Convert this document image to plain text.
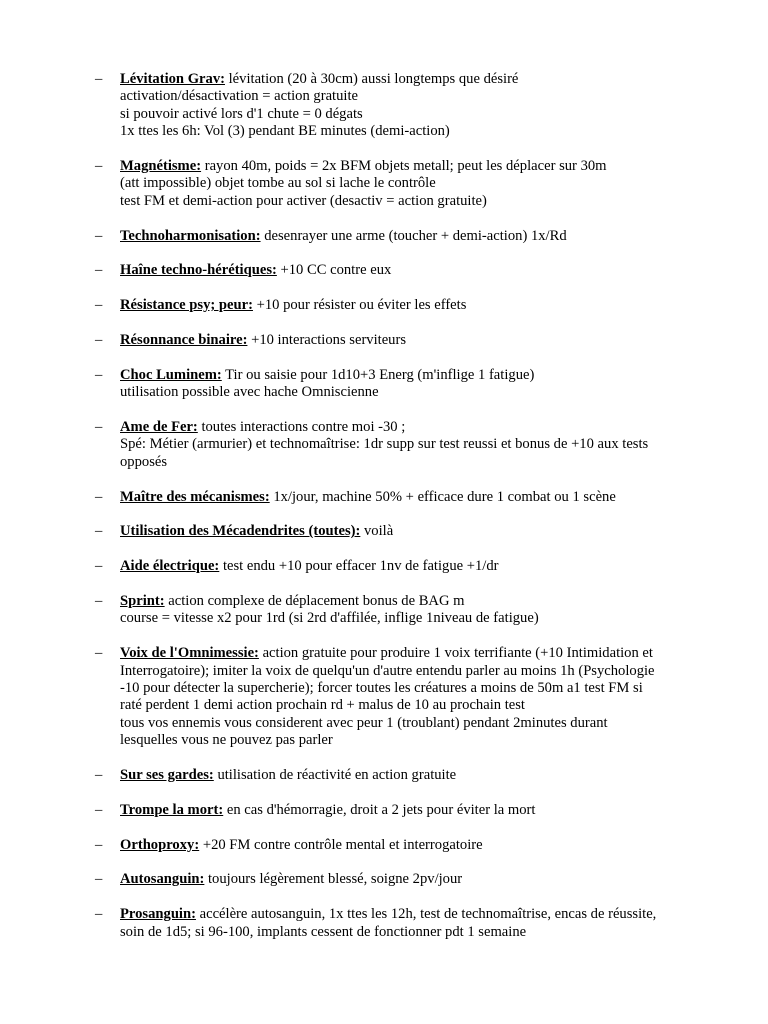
– Lévitation Grav: lévitation (20 à 30cm) aussi longtemps que désiré
activation/désactivation = action gratuite
si pouvoir activé lors d'1 chute = 0 dégats
1x ttes les 6h: Vol (3) pendant BE minutes (demi-action)
– Magnétisme: rayon 40m, poids = 2x BFM objets metall; peut les déplacer sur 30m
(att impossible) objet tombe au sol si lache le contrôle
test FM et demi-action pour activer (desactiv = action gratuite)
– Technoharmonisation: desenrayer une arme (toucher + demi-action) 1x/Rd
– Haîne techno-hérétiques: +10 CC contre eux
– Résistance psy; peur: +10 pour résister ou éviter les effets
– Résonnance binaire: +10 interactions serviteurs
– Choc Luminem: Tir ou saisie pour 1d10+3 Energ (m'inflige 1 fatigue)
utilisation possible avec hache Omniscienne
– Ame de Fer: toutes interactions contre moi -30 ;
Spé: Métier (armurier) et technomaîtrise: 1dr supp sur test reussi et bonus de +10 aux tests
opposés
– Maître des mécanismes: 1x/jour, machine 50% + efficace dure 1 combat ou 1 scène
– Utilisation des Mécadendrites (toutes): voilà
– Aide électrique: test endu +10 pour effacer 1nv de fatigue +1/dr
– Sprint: action complexe de déplacement bonus de BAG m
course = vitesse x2 pour 1rd (si 2rd d'affilée, inflige 1niveau de fatigue)
– Voix de l'Omnimessie: action gratuite pour produire 1 voix terrifiante (+10 Intimidation et
Interrogatoire); imiter la voix de quelqu'un d'autre entendu parler au moins 1h (Psychologie
-10 pour détecter la supercherie); forcer toutes les créatures a moins de 50m a1 test FM si
raté perdent 1 demi action prochain rd + malus de 10 au prochain test
tous vos ennemis vous considerent avec peur 1 (troublant) pendant 2minutes durant
lesquelles vous ne pouvez pas parler
– Sur ses gardes: utilisation de réactivité en action gratuite
– Trompe la mort: en cas d'hémorragie, droit a 2 jets pour éviter la mort
– Orthoproxy: +20 FM contre contrôle mental et interrogatoire
– Autosanguin: toujours légèrement blessé, soigne 2pv/jour
– Prosanguin: accélère autosanguin, 1x ttes les 12h, test de technomaîtrise, encas de réussite,
soin de 1d5; si 96-100, implants cessent de fonctionner pdt 1 semaine
